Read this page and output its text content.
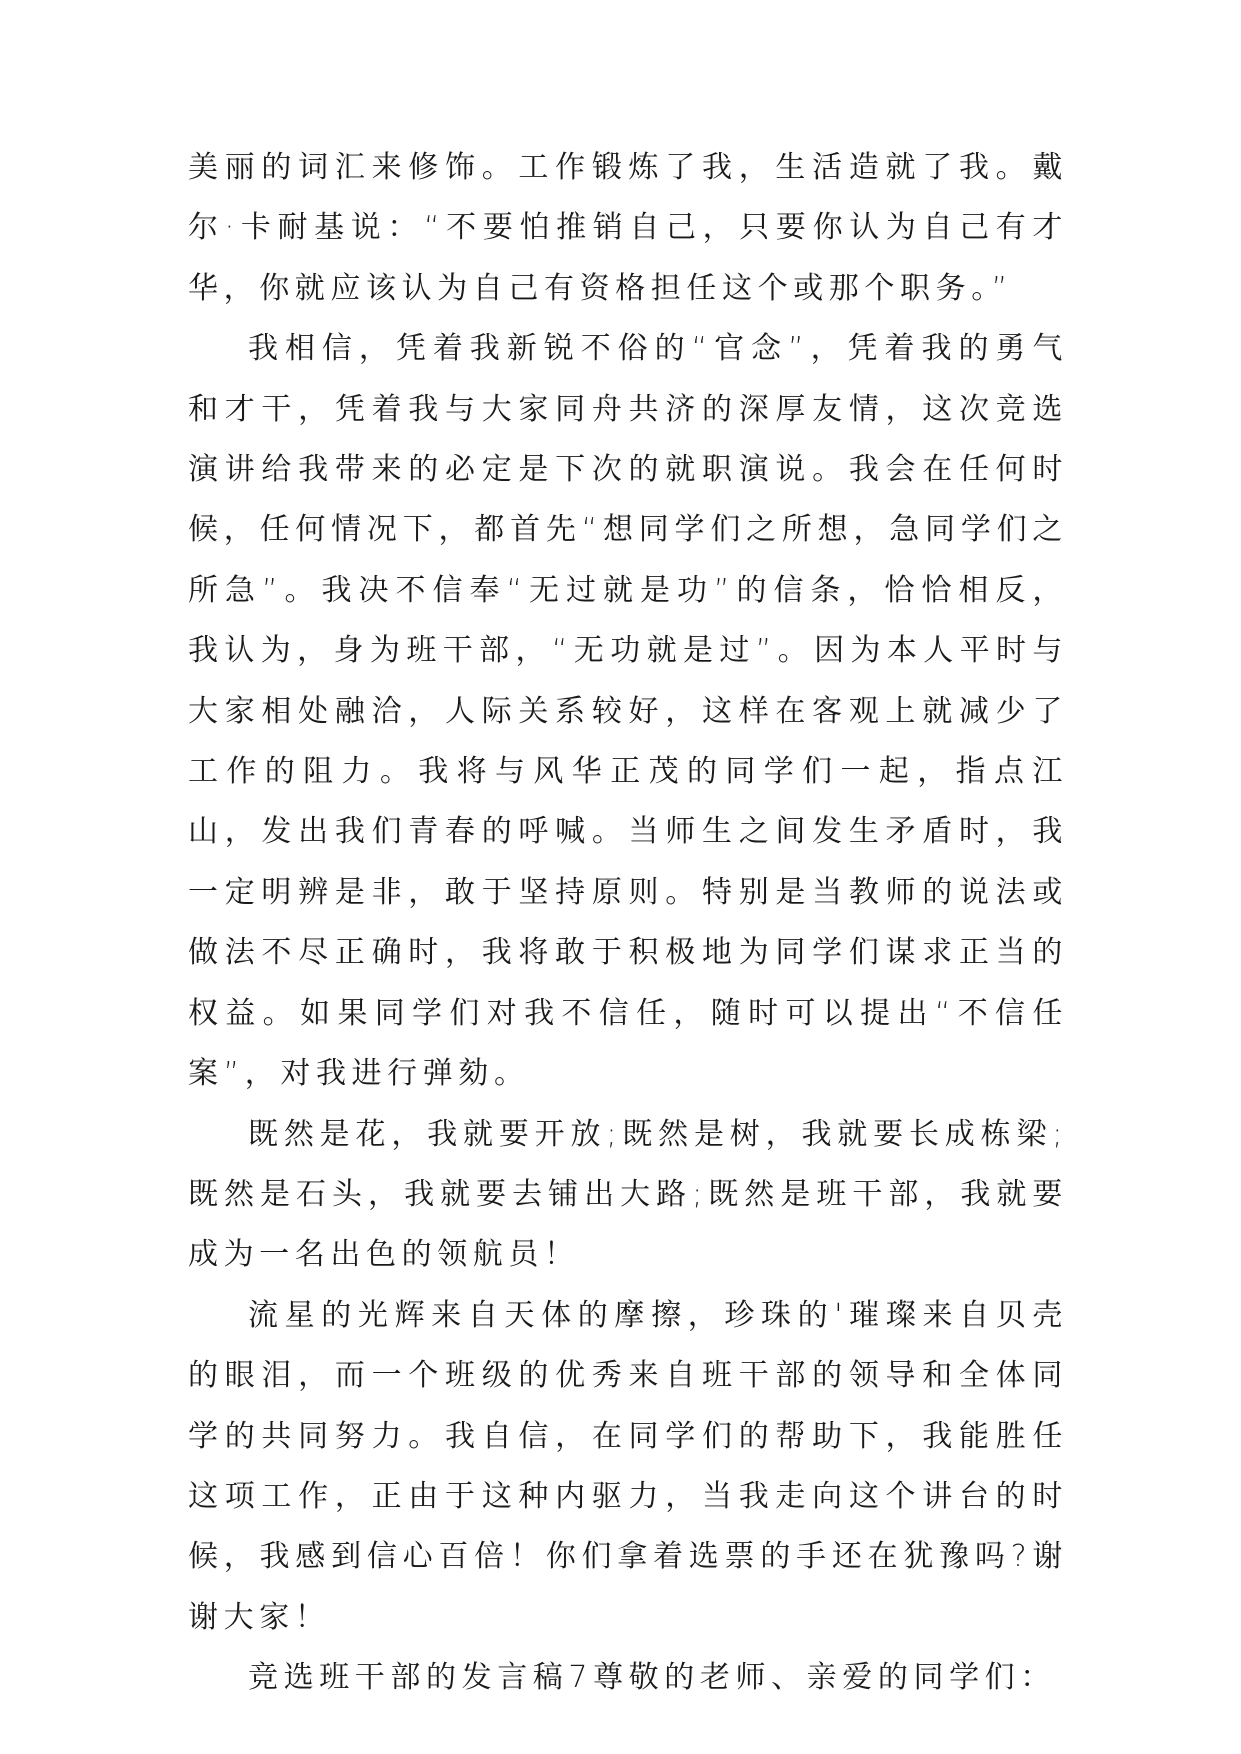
美丽的词汇来修饰。工作锻炼了我，生活造就了我。戴尔·卡耐基说：“不要怕推销自己，只要你认为自己有才华，你就应该认为自己有资格担任这个或那个职务。”

我相信，凭着我新锐不俗的“官念”，凭着我的勇气和才干，凭着我与大家同舟共济的深厚友情，这次竞选演讲给我带来的必定是下次的就职演说。我会在任何时候，任何情况下，都首先“想同学们之所想，急同学们之所急”。我决不信奉“无过就是功”的信条，恰恰相反，我认为，身为班干部，“无功就是过”。因为本人平时与大家相处融洽，人际关系较好，这样在客观上就减少了工作的阻力。我将与风华正茂的同学们一起，指点江山，发出我们青春的呼喊。当师生之间发生矛盾时，我一定明辨是非，敢于坚持原则。特别是当教师的说法或做法不尽正确时，我将敢于积极地为同学们谋求正当的权益。如果同学们对我不信任，随时可以提出“不信任案”，对我进行弹劾。

既然是花，我就要开放;既然是树，我就要长成栋梁;既然是石头，我就要去铺出大路;既然是班干部，我就要成为一名出色的领航员！

流星的光辉来自天体的摩擦，珍珠的'璀璨来自贝壳的眼泪，而一个班级的优秀来自班干部的领导和全体同学的共同努力。我自信，在同学们的帮助下，我能胜任这项工作，正由于这种内驱力，当我走向这个讲台的时候，我感到信心百倍！你们拿着选票的手还在犹豫吗?谢谢大家！

竞选班干部的发言稿7尊敬的老师、亲爱的同学们：
